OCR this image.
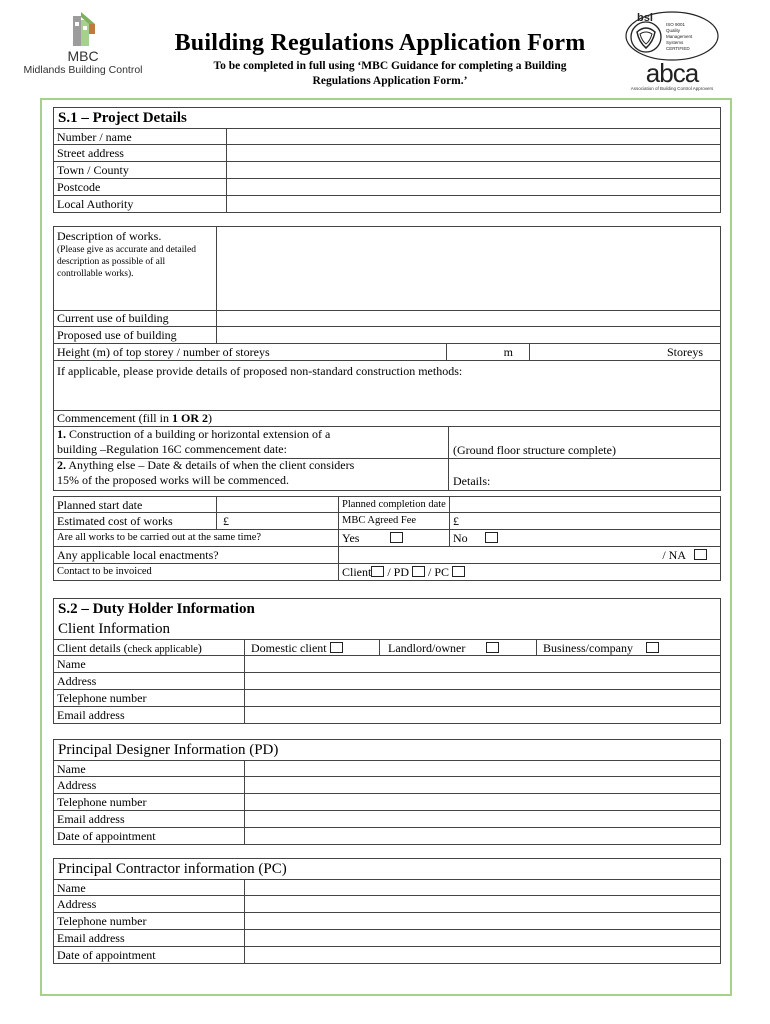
MBC
Midlands Building Control
Building Regulations Application Form
To be completed in full using ‘MBC Guidance for completing a Building
Regulations Application Form.’
bsi
ISO 9001
Quality
Management
Systems
CERTIFIED
abca
Association of Building Control Approvers
S.1 – Project Details
Number / name
Street address
Town / County
Postcode
Local Authority
Description of works.
(Please give as accurate and detailed description as possible of all controllable works).
Current use of building
Proposed use of building
Height (m) of top storey / number of storeys	m	Storeys
If applicable, please provide details of proposed non-standard construction methods:
Commencement (fill in 1 OR 2)
1. Construction of a building or horizontal extension of a
building –Regulation 16C commencement date:	(Ground floor structure complete)
2. Anything else – Date & details of when the client considers
15% of the proposed works will be commenced.	Details:
Planned start date	Planned completion date
Estimated cost of works	£	MBC Agreed Fee	£
Are all works to be carried out at the same time?	Yes	No
Any applicable local enactments?	/ NA
Contact to be invoiced	Client / PD / PC
S.2 – Duty Holder Information
Client Information
Client details (check applicable)	Domestic client	Landlord/owner	Business/company
Name
Address
Telephone number
Email address
Principal Designer Information (PD)
Name
Address
Telephone number
Email address
Date of appointment
Principal Contractor information (PC)
Name
Address
Telephone number
Email address
Date of appointment
